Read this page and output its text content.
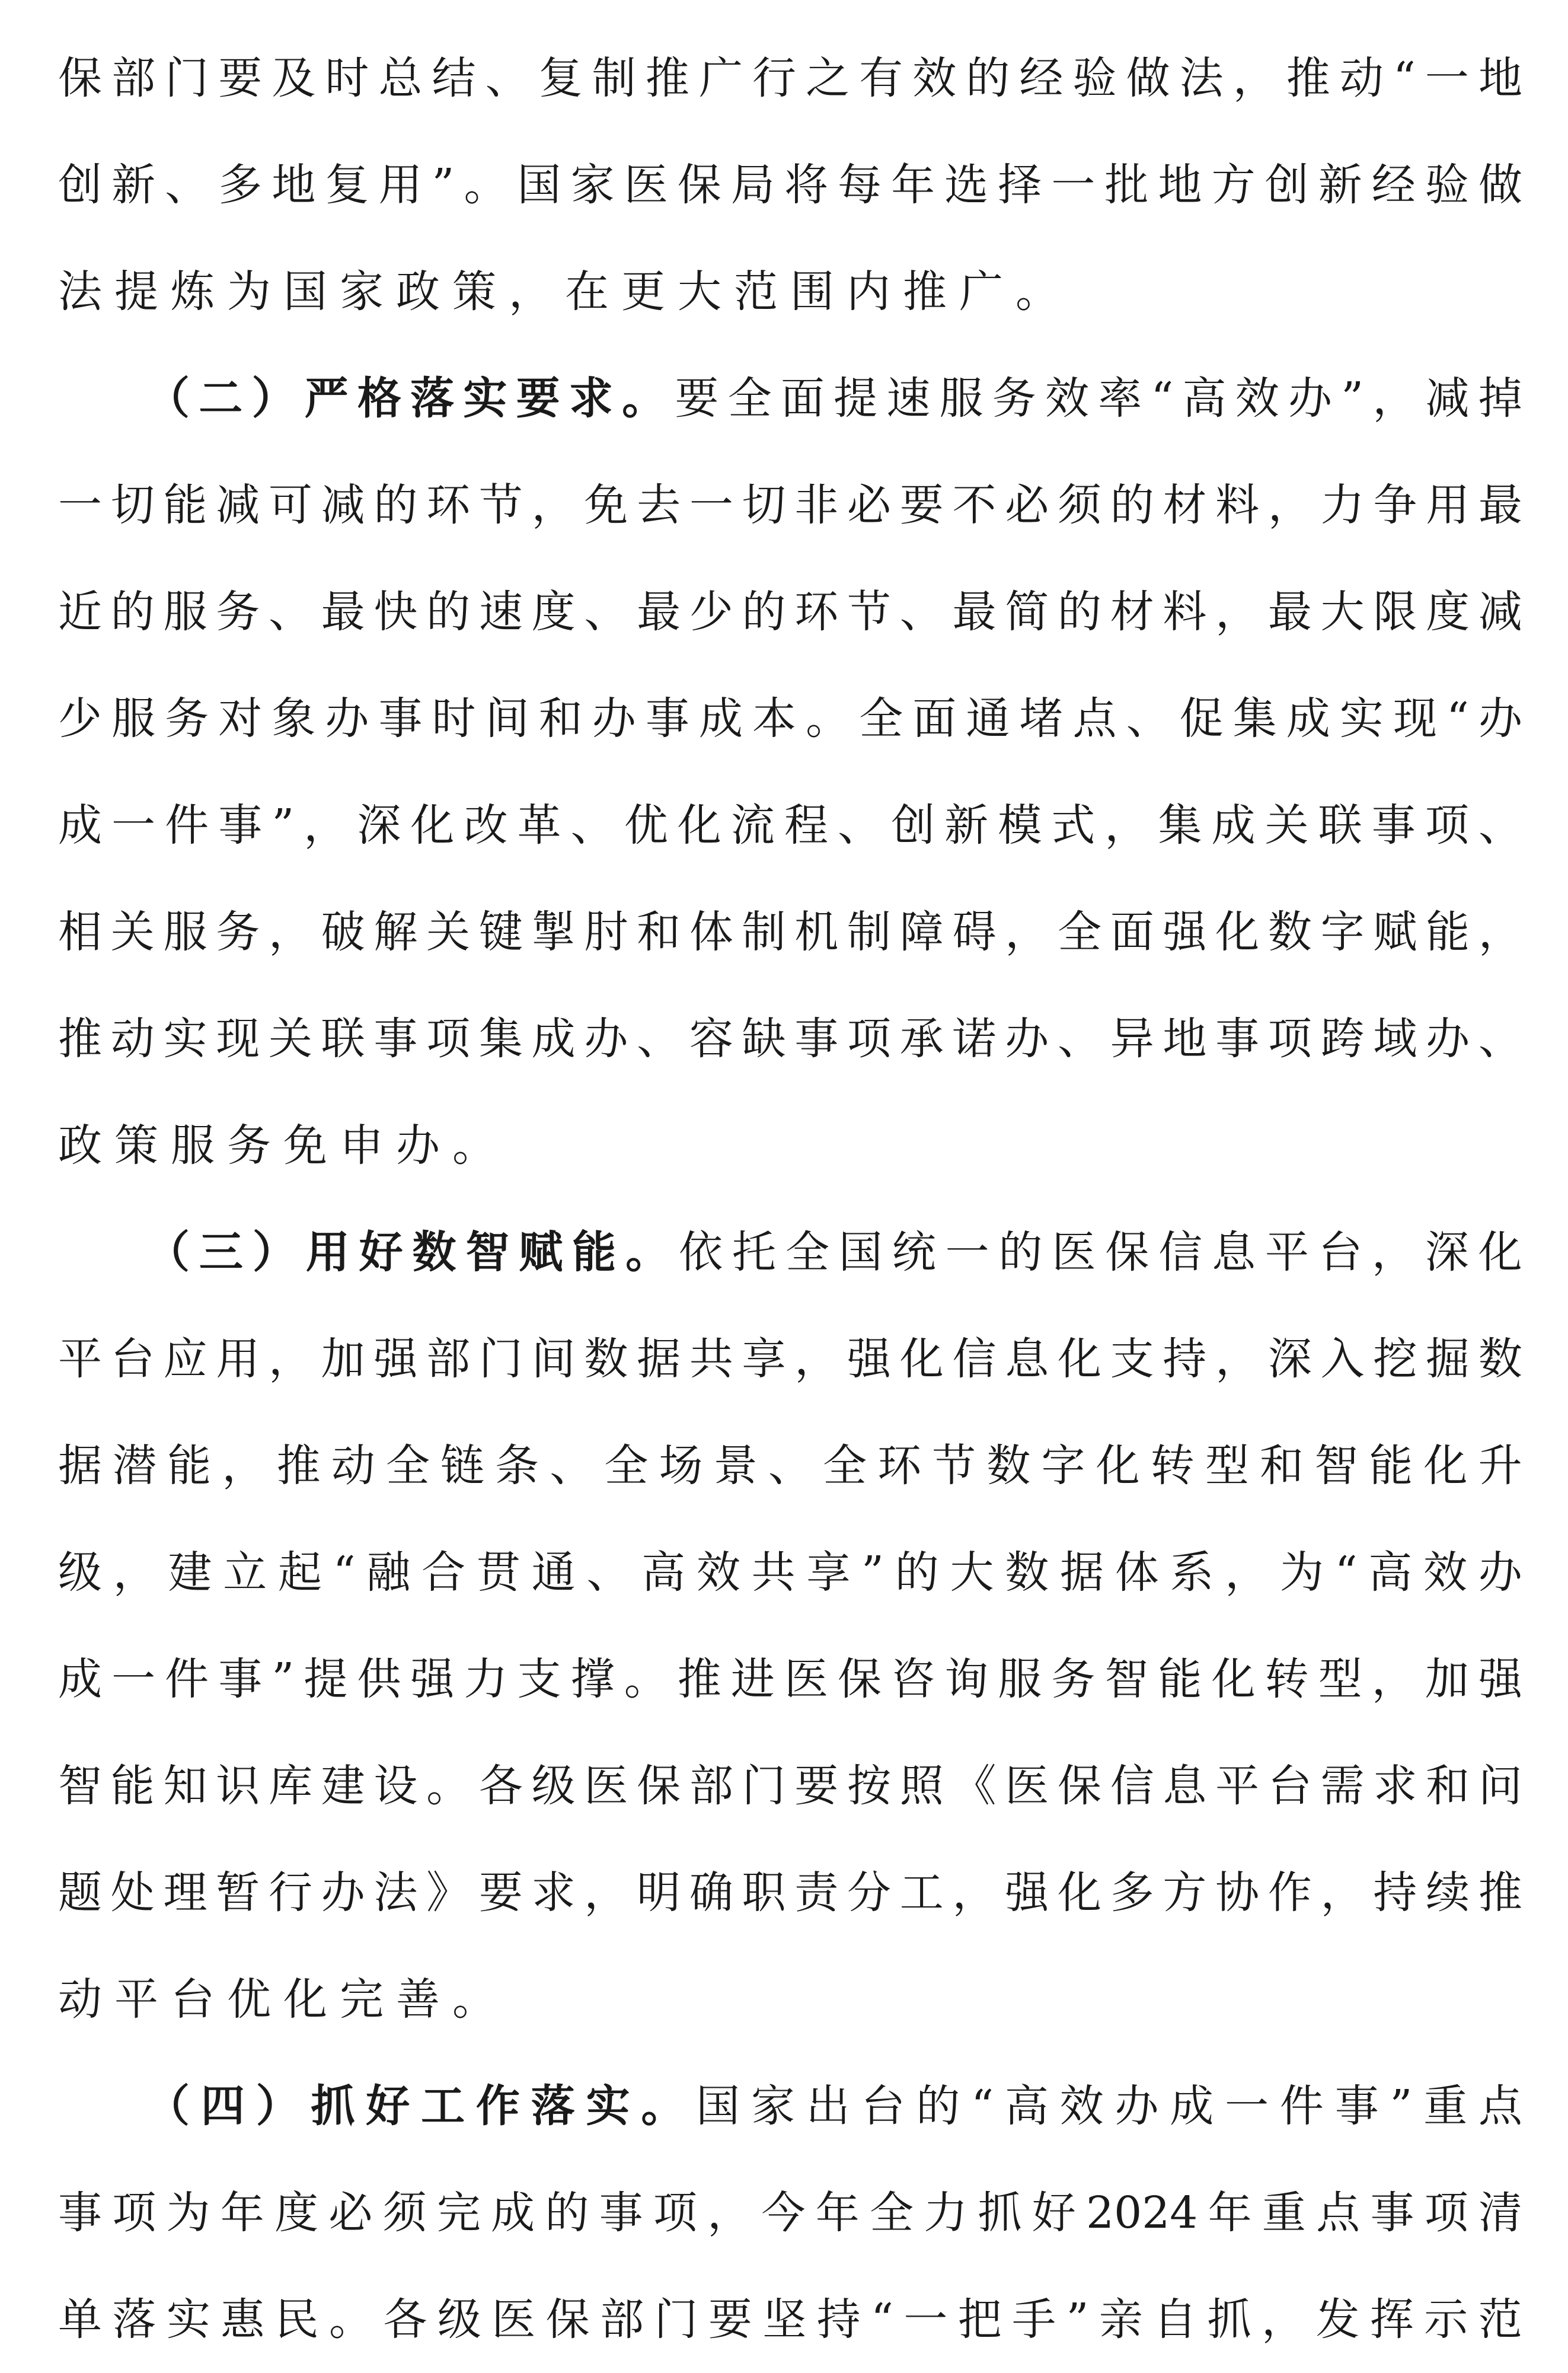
保 部 门 要 及 时 总 结 、 复 制 推 广 行 之 有 效 的 经 验 做 法 ， 推 动 “ 一 地
创 新 、 多 地 复 用 ” 。 国 家 医 保 局 将 每 年 选 择 一 批 地 方 创 新 经 验 做
法 提 炼 为 国 家 政 策 ， 在 更 大 范 围 内 推 广 。
（ 二 ） 严 格 落 实 要 求 。 要 全 面 提 速 服 务 效 率 “ 高 效 办 ” ， 减 掉
一 切 能 减 可 减 的 环 节 ， 免 去 一 切 非 必 要 不 必 须 的 材 料 ， 力 争 用 最
近 的 服 务 、 最 快 的 速 度 、 最 少 的 环 节 、 最 简 的 材 料 ， 最 大 限 度 减
少 服 务 对 象 办 事 时 间 和 办 事 成 本 。 全 面 通 堵 点 、 促 集 成 实 现 “ 办
成 一 件 事 ” ， 深 化 改 革 、 优 化 流 程 、 创 新 模 式 ， 集 成 关 联 事 项 、
相 关 服 务 ， 破 解 关 键 掣 肘 和 体 制 机 制 障 碍 ， 全 面 强 化 数 字 赋 能 ，
推 动 实 现 关 联 事 项 集 成 办 、 容 缺 事 项 承 诺 办 、 异 地 事 项 跨 域 办 、
政 策 服 务 免 申 办 。
（ 三 ） 用 好 数 智 赋 能 。 依 托 全 国 统 一 的 医 保 信 息 平 台 ， 深 化
平 台 应 用 ， 加 强 部 门 间 数 据 共 享 ， 强 化 信 息 化 支 持 ， 深 入 挖 掘 数
据 潜 能 ， 推 动 全 链 条 、 全 场 景 、 全 环 节 数 字 化 转 型 和 智 能 化 升
级 ， 建 立 起 “ 融 合 贯 通 、 高 效 共 享 ” 的 大 数 据 体 系 ， 为 “ 高 效 办
成 一 件 事 ” 提 供 强 力 支 撑 。 推 进 医 保 咨 询 服 务 智 能 化 转 型 ， 加 强
智 能 知 识 库 建 设 。 各 级 医 保 部 门 要 按 照 《 医 保 信 息 平 台 需 求 和 问
题 处 理 暂 行 办 法 》 要 求 ， 明 确 职 责 分 工 ， 强 化 多 方 协 作 ， 持 续 推
动 平 台 优 化 完 善 。
（ 四 ） 抓 好 工 作 落 实 。 国 家 出 台 的 “ 高 效 办 成 一 件 事 ” 重 点
事 项 为 年 度 必 须 完 成 的 事 项 ， 今 年 全 力 抓 好 2024 年 重 点 事 项 清
单 落 实 惠 民 。 各 级 医 保 部 门 要 坚 持 “ 一 把 手 ” 亲 自 抓 ， 发 挥 示 范
